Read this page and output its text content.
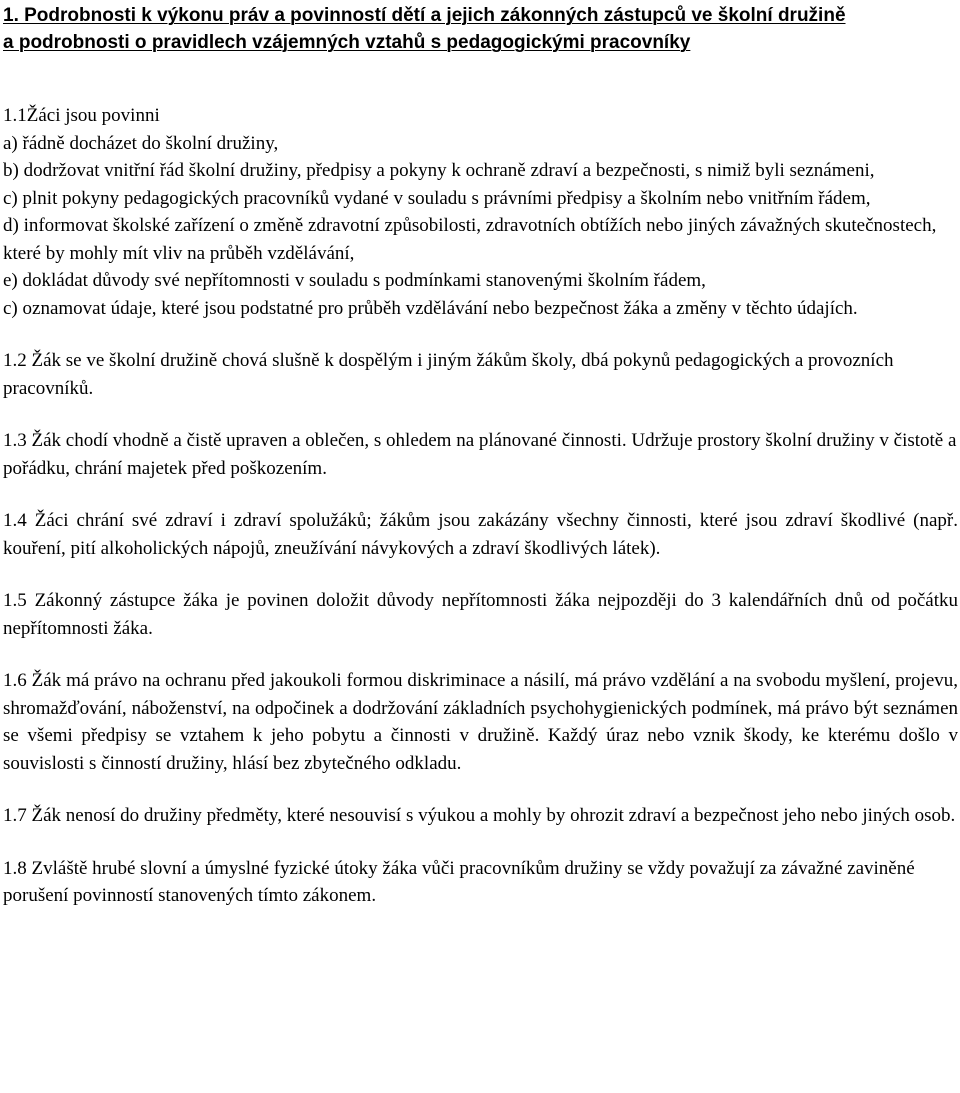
1. Podrobnosti k výkonu práv a povinností dětí a jejich zákonných zástupců ve školní družině
a podrobnosti o pravidlech vzájemných vztahů s pedagogickými pracovníky

1.1Žáci jsou povinni

a) řádně docházet do školní družiny,

b) dodržovat vnitřní řád školní družiny, předpisy a pokyny k ochraně zdraví a bezpečnosti, s nimiž byli seznámeni,

c) plnit pokyny pedagogických pracovníků vydané v souladu s právními předpisy a školním nebo vnitřním řádem,

d) informovat školské zařízení o změně zdravotní způsobilosti, zdravotních obtížích nebo jiných závažných skutečnostech, které by mohly mít vliv na průběh vzdělávání,

e) dokládat důvody své nepřítomnosti v souladu s podmínkami stanovenými školním řádem,

c) oznamovat údaje, které jsou podstatné pro průběh vzdělávání nebo bezpečnost žáka a změny v těchto údajích.

1.2 Žák se ve školní družině chová slušně k dospělým i jiným žákům školy, dbá pokynů pedagogických a provozních pracovníků.

1.3 Žák chodí vhodně a čistě upraven a oblečen, s ohledem na plánované činnosti. Udržuje prostory školní družiny v čistotě a pořádku, chrání majetek před poškozením.

1.4 Žáci chrání své zdraví i zdraví spolužáků; žákům jsou zakázány všechny činnosti, které jsou zdraví škodlivé (např. kouření, pití alkoholických nápojů, zneužívání návykových a zdraví škodlivých látek).

1.5 Zákonný zástupce žáka je povinen doložit důvody nepřítomnosti žáka nejpozději do 3 kalendářních dnů od počátku nepřítomnosti žáka.

1.6 Žák má právo na ochranu před jakoukoli formou diskriminace a násilí, má právo vzdělání a na svobodu myšlení, projevu, shromažďování, náboženství, na odpočinek a dodržování základních psychohygienických podmínek, má právo být seznámen se všemi předpisy se vztahem k jeho pobytu a činnosti v družině. Každý úraz nebo vznik škody, ke kterému došlo v souvislosti s činností družiny, hlásí bez zbytečného odkladu.

1.7 Žák nenosí do družiny předměty, které nesouvisí s výukou a mohly by ohrozit zdraví a bezpečnost jeho nebo jiných osob.

1.8 Zvláště hrubé slovní a úmyslné fyzické útoky žáka vůči pracovníkům družiny se vždy považují za závažné zaviněné porušení povinností stanovených tímto zákonem.
